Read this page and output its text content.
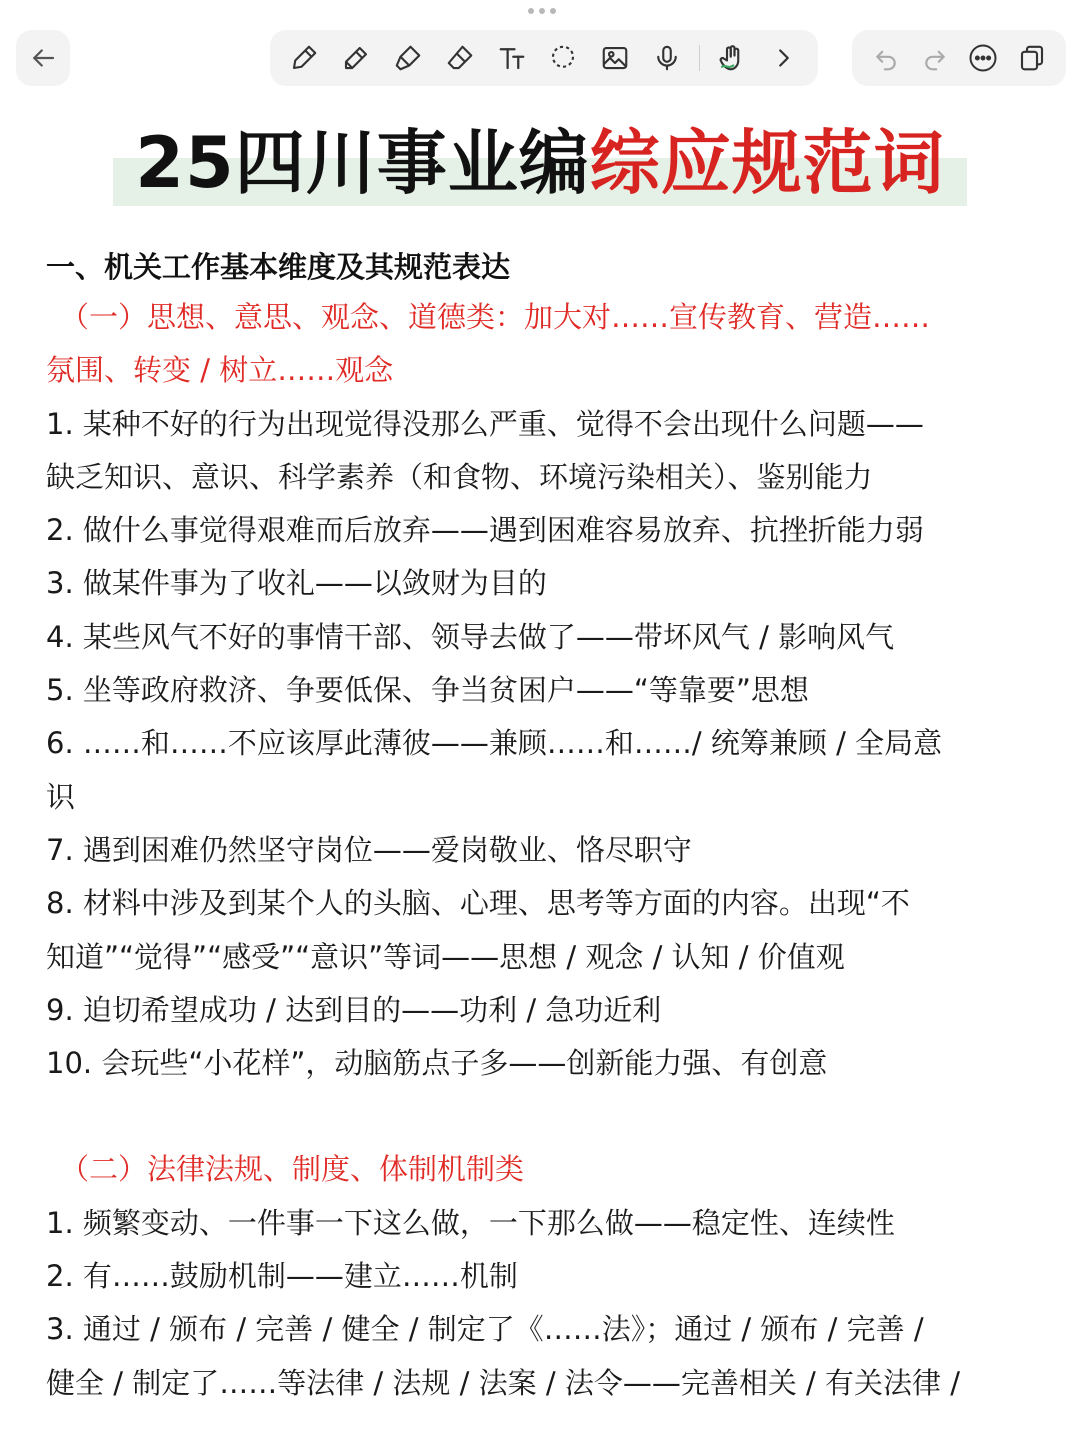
25四川事业编综应规范词
一、机关工作基本维度及其规范表达
（一）思想、意思、观念、道德类：加大对……宣传教育、营造……
氛围、转变 / 树立……观念
1. 某种不好的行为出现觉得没那么严重、觉得不会出现什么问题——
缺乏知识、意识、科学素养（和食物、环境污染相关）、鉴别能力
2. 做什么事觉得艰难而后放弃——遇到困难容易放弃、抗挫折能力弱
3. 做某件事为了收礼——以敛财为目的
4. 某些风气不好的事情干部、领导去做了——带坏风气 / 影响风气
5. 坐等政府救济、争要低保、争当贫困户——“等靠要”思想
6. ……和……不应该厚此薄彼——兼顾……和……/ 统筹兼顾 / 全局意
识
7. 遇到困难仍然坚守岗位——爱岗敬业、恪尽职守
8. 材料中涉及到某个人的头脑、心理、思考等方面的内容。出现“不
知道”“觉得”“感受”“意识”等词——思想 / 观念 / 认知 / 价值观
9. 迫切希望成功 / 达到目的——功利 / 急功近利
10. 会玩些“小花样”，动脑筋点子多——创新能力强、有创意
（二）法律法规、制度、体制机制类
1. 频繁变动、一件事一下这么做，一下那么做——稳定性、连续性
2. 有……鼓励机制——建立……机制
3. 通过 / 颁布 / 完善 / 健全 / 制定了《……法》；通过 / 颁布 / 完善 /
健全 / 制定了……等法律 / 法规 / 法案 / 法令——完善相关 / 有关法律 /
